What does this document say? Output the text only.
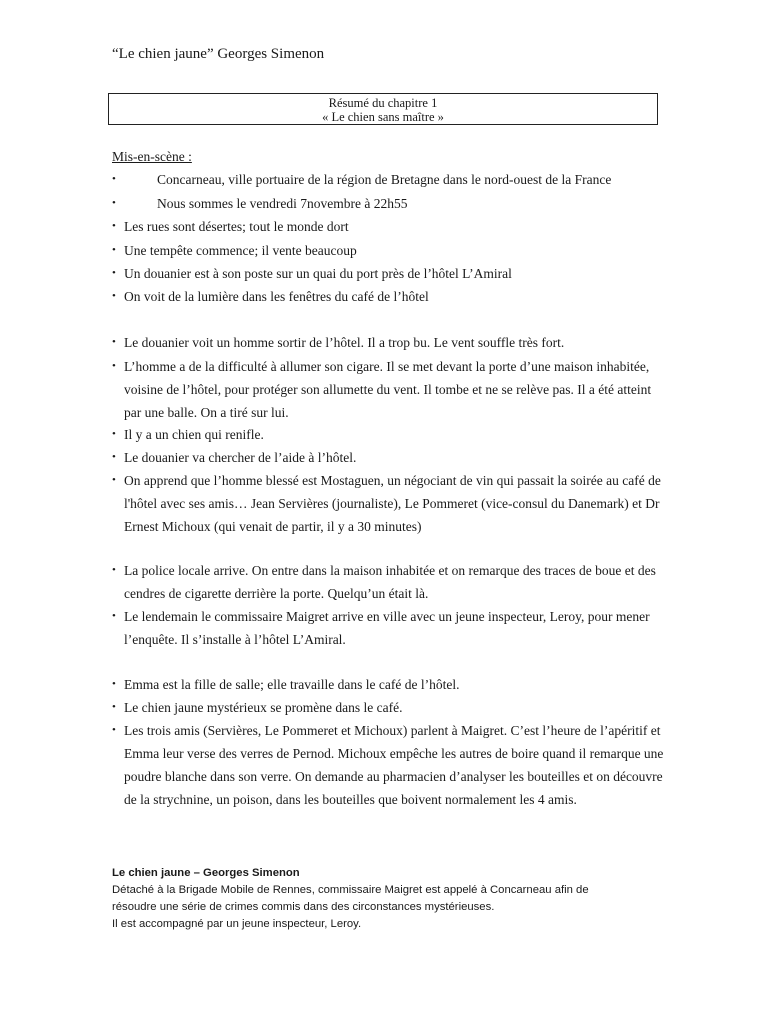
“Le chien jaune” Georges Simenon
Résumé du chapitre 1
« Le chien sans maître »
Mis-en-scène :
•	Concarneau, ville portuaire de la région de Bretagne dans le nord-ouest de la France
•	Nous sommes le vendredi 7novembre à 22h55
• Les rues sont désertes; tout le monde dort
• Une tempête commence; il vente beaucoup
• Un douanier est à son poste sur un quai du port près de l’hôtel L’Amiral
• On voit de la lumière dans les fenêtres du café de l’hôtel
• Le douanier voit un homme sortir de l’hôtel. Il a trop bu. Le vent souffle très fort.
• L’homme a de la difficulté à allumer son cigare. Il se met devant la porte d’une maison inhabitée, voisine de l’hôtel, pour protéger son allumette du vent. Il tombe et ne se relève pas. Il a été atteint par une balle. On a tiré sur lui.
• Il y a un chien qui renifle.
• Le douanier va chercher de l’aide à l’hôtel.
• On apprend que l’homme blessé est Mostaguen, un négociant de vin qui passait la soirée au café de l'hôtel avec ses amis… Jean Servières (journaliste), Le Pommeret (vice-consul du Danemark) et Dr Ernest Michoux (qui venait de partir, il y a 30 minutes)
• La police locale arrive. On entre dans la maison inhabitée et on remarque des traces de boue et des cendres de cigarette derrière la porte. Quelqu’un était là.
• Le lendemain le commissaire Maigret arrive en ville avec un jeune inspecteur, Leroy, pour mener l’enquête. Il s’installe à l’hôtel L’Amiral.
• Emma est la fille de salle; elle travaille dans le café de l’hôtel.
• Le chien jaune mystérieux se promène dans le café.
• Les trois amis (Servières, Le Pommeret et Michoux) parlent à Maigret. C’est l’heure de l’apéritif et Emma leur verse des verres de Pernod. Michoux empêche les autres de boire quand il remarque une poudre blanche dans son verre. On demande au pharmacien d’analyser les bouteilles et on découvre de la strychnine, un poison, dans les bouteilles que boivent normalement les 4 amis.
Le chien jaune – Georges Simenon
Détaché à la Brigade Mobile de Rennes, commissaire Maigret est appelé à Concarneau afin de
résoudre une série de crimes commis dans des circonstances mystérieuses.
Il est accompagné par un jeune inspecteur, Leroy.
